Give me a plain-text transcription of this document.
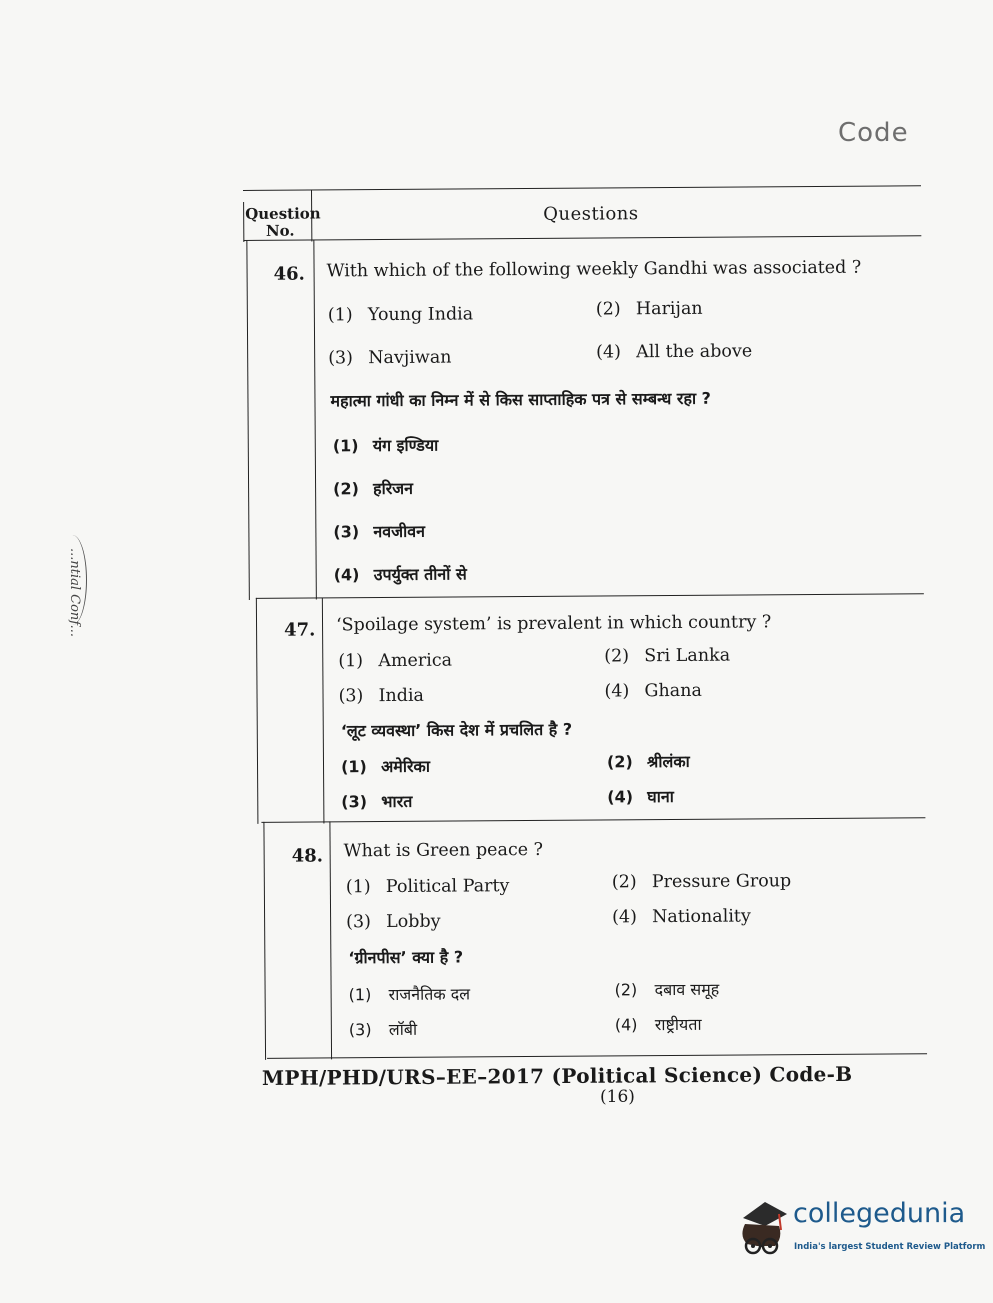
Code
...ntial Conf...
Question No.
Questions
46. With which of the following weekly Gandhi was associated ?
(1) Young India	(2) Harijan
(3) Navjiwan	(4) All the above
महात्मा गांधी का निम्न में से किस साप्ताहिक पत्र से सम्बन्ध रहा ?
(1) यंग इण्डिया
(2) हरिजन
(3) नवजीवन
(4) उपर्युक्त तीनों से
47. ‘Spoilage system’ is prevalent in which country ?
(1) America	(2) Sri Lanka
(3) India	(4) Ghana
‘लूट व्यवस्था’ किस देश में प्रचलित है ?
(1) अमेरिका	(2) श्रीलंका
(3) भारत	(4) घाना
48. What is Green peace ?
(1) Political Party	(2) Pressure Group
(3) Lobby	(4) Nationality
‘ग्रीनपीस’ क्या है ?
(1) राजनैतिक दल	(2) दबाव समूह
(3) लॉबी	(4) राष्ट्रीयता
MPH/PHD/URS–EE–2017 (Political Science) Code-B
(16)
collegedunia
India's largest Student Review Platform
